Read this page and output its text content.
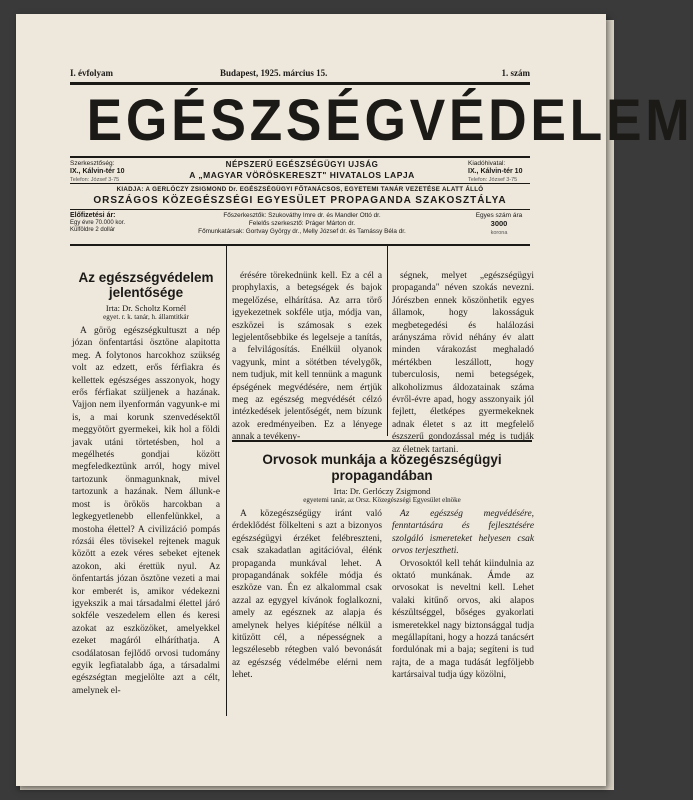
I. évfolyam	Budapest, 1925. március 15.	1. szám
EGÉSZSÉGVÉDELEM
Szerkesztőség:
IX., Kálvin-tér 10
Telefon: József 3-75
NÉPSZERŰ EGÉSZSÉGÜGYI UJSÁG
A „MAGYAR VÖRÖSKERESZT" HIVATALOS LAPJA
Kiadóhivatal:
IX., Kálvin-tér 10
Telefon: József 3-75
KIADJA: A GERLÓCZY ZSIGMOND Dr. EGÉSZSÉGÜGYI FŐTANÁCSOS, EGYETEMI TANÁR VEZETÉSE ALATT ÁLLÓ
ORSZÁGOS KÖZEGÉSZSÉGI EGYESÜLET PROPAGANDA SZAKOSZTÁLYA
Előfizetési ár:
Egy évre 70.000 kor.
Külföldre 2 dollár
Főszerkesztők: Szukováthy Imre dr. és Mandler Ottó dr.
Felelős szerkesztő: Práger Márton dr.
Főmunkatársak: Gortvay György dr., Melly József dr. és Tamássy Béla dr.
Egyes szám ára
3000
korona
Az egészségvédelem jelentősége
Irta: Dr. Scholtz Kornél
egyet. r. k. tanár, h. államtitkár

A görög egészségkultuszt a nép józan önfentartási ösztöne alapitotta meg. A folytonos harcokhoz szükség volt az edzett, erős férfiakra és kellettek egészséges asszonyok, hogy erős férfiakat szüljenek a hazának. Vajjon nem ilyenformán vagyunk-e mi is, a mai korunk szenvedésektől meggyötört gyermekei, kik hol a földi javak utáni törtetésben, hol a megélhetés gondjai között megfeledkeztünk arról, hogy mivel tartozunk önmagunknak, mivel tartozunk a hazának. Nem állunk-e most is örökös harcokban a legkegyetlenebb ellenfelünkkel, a mostoha élettel? A civilizáció pompás rózsái éles tövisekel rejtenek maguk között a ezek véres sebeket ejtenek azokon, aki érettük nyul. Az önfentartás józan ösztöne vezeti a mai kor emberét is, amikor védekezni igyekszik a mai társadalmi élettel járó sokféle veszedelem ellen és keresi azokat az eszközöket, amelyekkel ezeket magáról elháríthatja. A csodálatosan fejlődő orvosi tudomány egyik legfiatalabb ága, a társadalmi egészségtan megjelölte azt a célt, amelynek el-

érésére törekednünk kell. Ez a cél a prophylaxis, a betegségek és bajok megelőzése, elhárítása. Az arra törő igyekezetnek sokféle utja, módja van, eszközei is számosak s ezek legjelentősebbike és legelseje a tanítás, a felvilágosítás. Enélkül olyanok vagyunk, mint a sötétben tévelygők, nem tudjuk, mit kell tennünk a magunk épségének megvédésére, nem értjük meg az egészség megvédését célzó intézkedések jelentőségét, nem bízunk azok eredményeiben. Ez a lényege annak a tevékeny-

ségnek, melyet „egészségügyi propaganda" néven szokás nevezni. Jórészben ennek köszönhetik egyes államok, hogy lakosságuk megbetegedési és halálozási arányszáma rövid néhány év alatt minden várakozást meghaladó mértékben leszállott, hogy tuberculosis, nemi betegségek, alkoholizmus áldozatainak száma évről-évre apad, hogy asszonyaik jól fejlett, életképes gyermekeknek adnak életet s az itt megfelelő észszerű gondozással még is tudják az életnek tartani.

Orvosok munkája a közegészségügyi propagandában
Irta: Dr. Gerlóczy Zsigmond
egyetemi tanár, az Orsz. Közegészségi Egyesület elnöke

A közegészségügy iránt való érdeklődést fölkelteni s azt a bizonyos egészségügyi érzéket felébreszteni, csak szakadatlan agitációval, élénk propaganda munkával lehet. A propagandának sokféle módja és eszköze van. Én ez alkalommal csak azzal az egygyel kívánok foglalkozni, amely az egésznek az alapja és amelynek helyes kiépítése nélkül a kitűzött cél, a népességnek a legszélesebb rétegben való bevonását az egészség védelmébe elérni nem lehet.

Az egészség megvédésére, fenntartására és fejlesztésére szolgáló ismereteket helyesen csak orvos terjesztheti.

Orvosoktól kell tehát kiindulnia az oktató munkának. Ámde az orvosokat is neveltni kell. Lehet valaki kitűnő orvos, aki alapos készültséggel, bőséges gyakorlati ismeretekkel nagy biztonsággal tudja megállapítani, hogy a hozzá tanácsért fordulónak mi a baja; segíteni is tud rajta, de a maga tudását legföljebb kartársaival tudja úgy közölni,
